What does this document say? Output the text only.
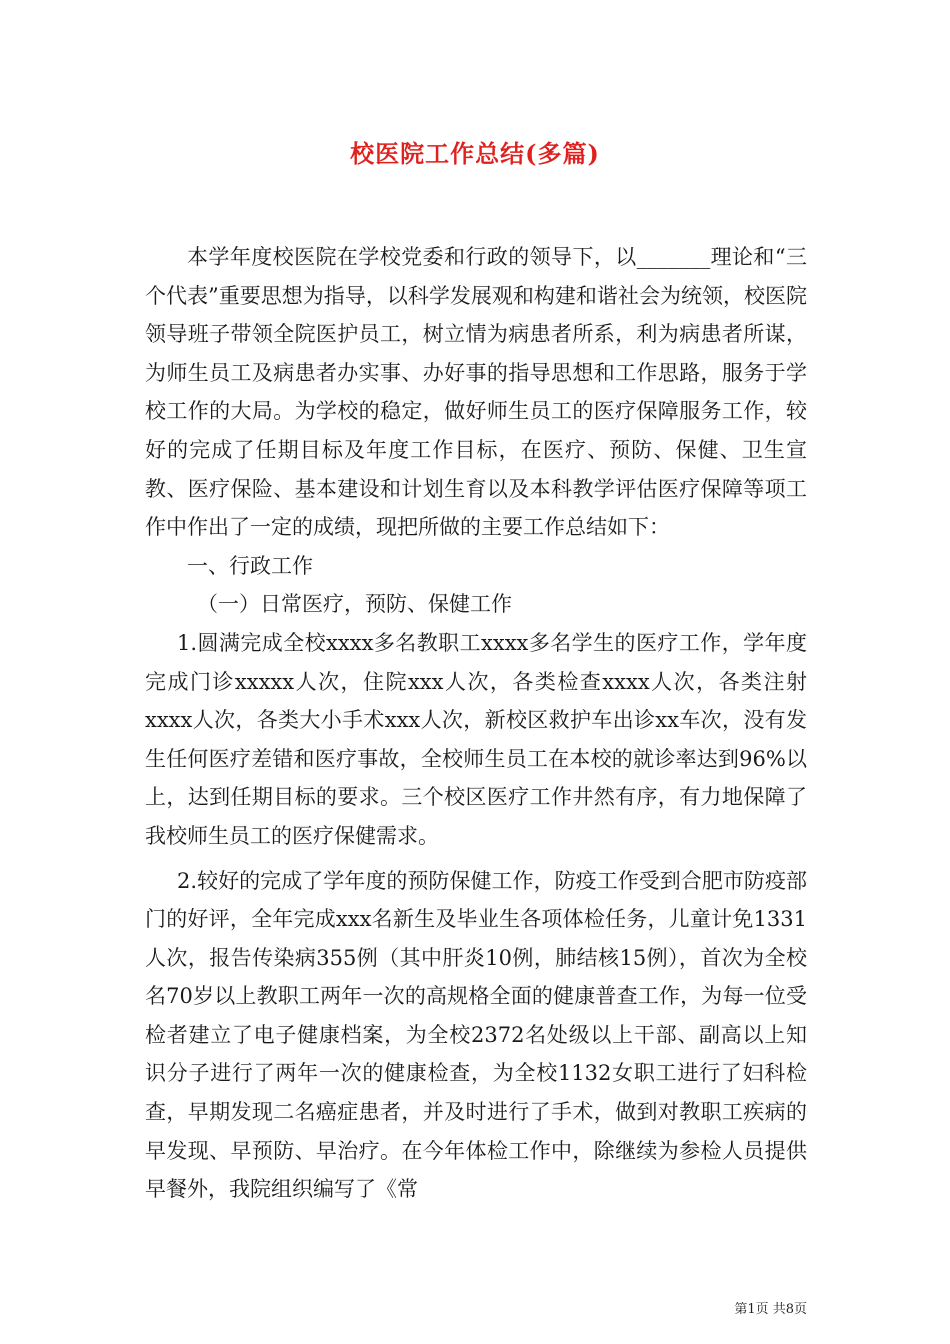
校医院工作总结(多篇)

本学年度校医院在学校党委和行政的领导下，以_______理论和“三个代表”重要思想为指导，以科学发展观和构建和谐社会为统领，校医院领导班子带领全院医护员工，树立情为病患者所系，利为病患者所谋，为师生员工及病患者办实事、办好事的指导思想和工作思路，服务于学校工作的大局。为学校的稳定，做好师生员工的医疗保障服务工作，较好的完成了任期目标及年度工作目标，在医疗、预防、保健、卫生宣教、医疗保险、基本建设和计划生育以及本科教学评估医疗保障等项工作中作出了一定的成绩，现把所做的主要工作总结如下：

一、行政工作

（一）日常医疗，预防、保健工作

1.圆满完成全校xxxx多名教职工xxxx多名学生的医疗工作，学年度完成门诊xxxxx人次，住院xxx人次，各类检查xxxx人次，各类注射xxxx人次，各类大小手术xxx人次，新校区救护车出诊xx车次，没有发生任何医疗差错和医疗事故，全校师生员工在本校的就诊率达到96%以上，达到任期目标的要求。三个校区医疗工作井然有序，有力地保障了我校师生员工的医疗保健需求。

2.较好的完成了学年度的预防保健工作，防疫工作受到合肥市防疫部门的好评，全年完成xxx名新生及毕业生各项体检任务，儿童计免1331人次，报告传染病355例（其中肝炎10例，肺结核15例），首次为全校名70岁以上教职工两年一次的高规格全面的健康普查工作，为每一位受检者建立了电子健康档案，为全校2372名处级以上干部、副高以上知识分子进行了两年一次的健康检查，为全校1132女职工进行了妇科检查，早期发现二名癌症患者，并及时进行了手术，做到对教职工疾病的早发现、早预防、早治疗。在今年体检工作中，除继续为参检人员提供早餐外，我院组织编写了《常

第1页 共8页
